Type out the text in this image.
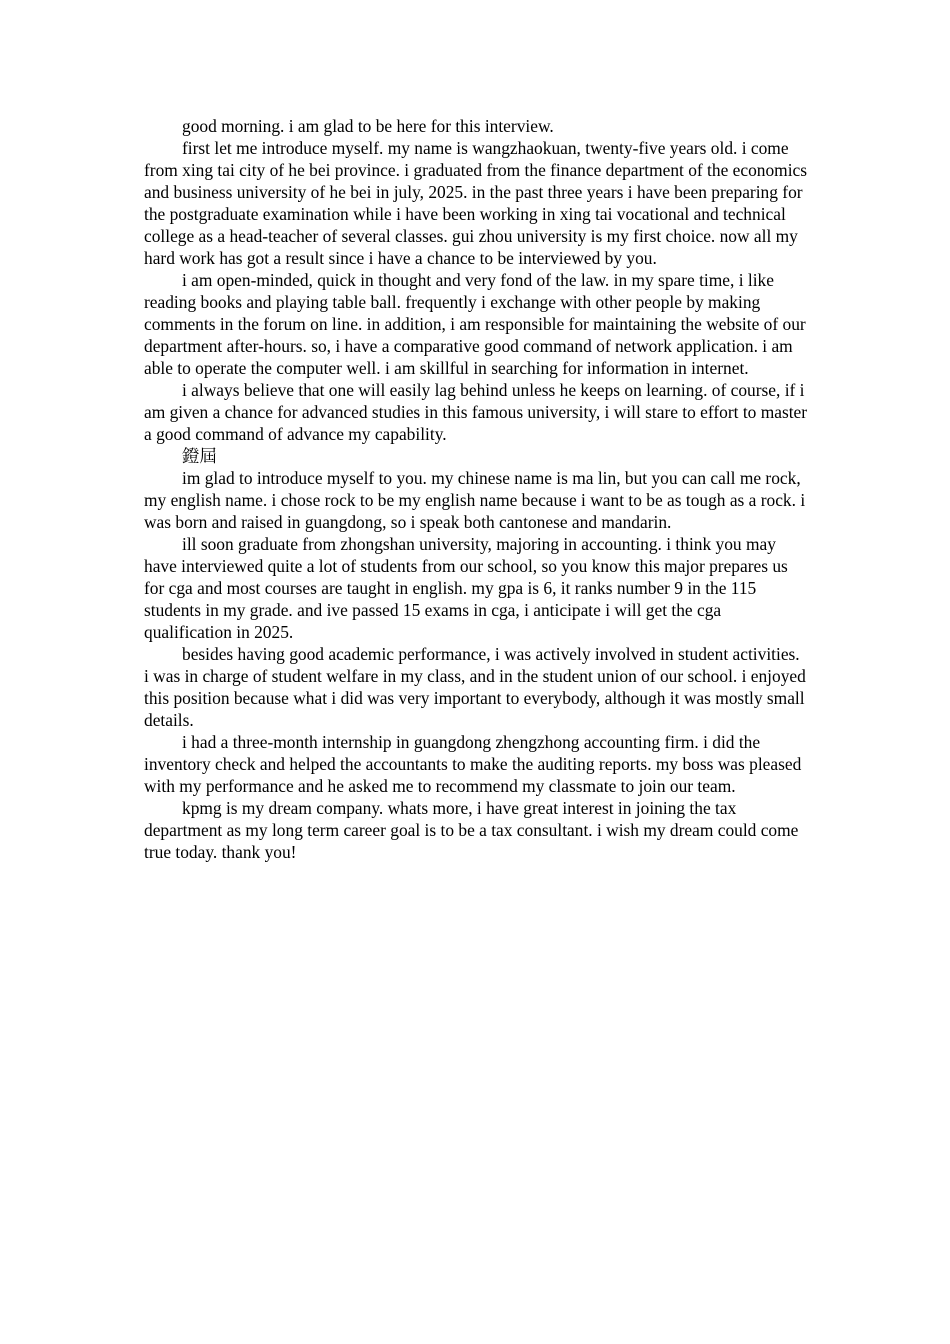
good morning. i am glad to be here for this interview.

first let me introduce myself. my name is wangzhaokuan, twenty-five years old. i come from xing tai city of he bei province. i graduated from the finance department of the economics and business university of he bei in july, 2025. in the past three years i have been preparing for the postgraduate examination while i have been working in xing tai vocational and technical college as a head-teacher of several classes. gui zhou university is my first choice. now all my hard work has got a result since i have a chance to be interviewed by you.

i am open-minded, quick in thought and very fond of the law. in my spare time, i like reading books and playing table ball. frequently i exchange with other people by making comments in the forum on line. in addition, i am responsible for maintaining the website of our department after-hours. so, i have a comparative good command of network application. i am able to operate the computer well. i am skillful in searching for information in internet.

i always believe that one will easily lag behind unless he keeps on learning. of course, if i am given a chance for advanced studies in this famous university, i will stare to effort to master a good command of advance my capability.

鐙屆

im glad to introduce myself to you. my chinese name is ma lin, but you can call me rock, my english name. i chose rock to be my english name because i want to be as tough as a rock. i was born and raised in guangdong, so i speak both cantonese and mandarin.

ill soon graduate from zhongshan university, majoring in accounting. i think you may have interviewed quite a lot of students from our school, so you know this major prepares us for cga and most courses are taught in english. my gpa is 6, it ranks number 9 in the 115 students in my grade. and ive passed 15 exams in cga, i anticipate i will get the cga qualification in 2025.

besides having good academic performance, i was actively involved in student activities. i was in charge of student welfare in my class, and in the student union of our school. i enjoyed this position because what i did was very important to everybody, although it was mostly small details.

i had a three-month internship in guangdong zhengzhong accounting firm. i did the inventory check and helped the accountants to make the auditing reports. my boss was pleased with my performance and he asked me to recommend my classmate to join our team.

kpmg is my dream company. whats more, i have great interest in joining the tax department as my long term career goal is to be a tax consultant. i wish my dream could come true today. thank you!
